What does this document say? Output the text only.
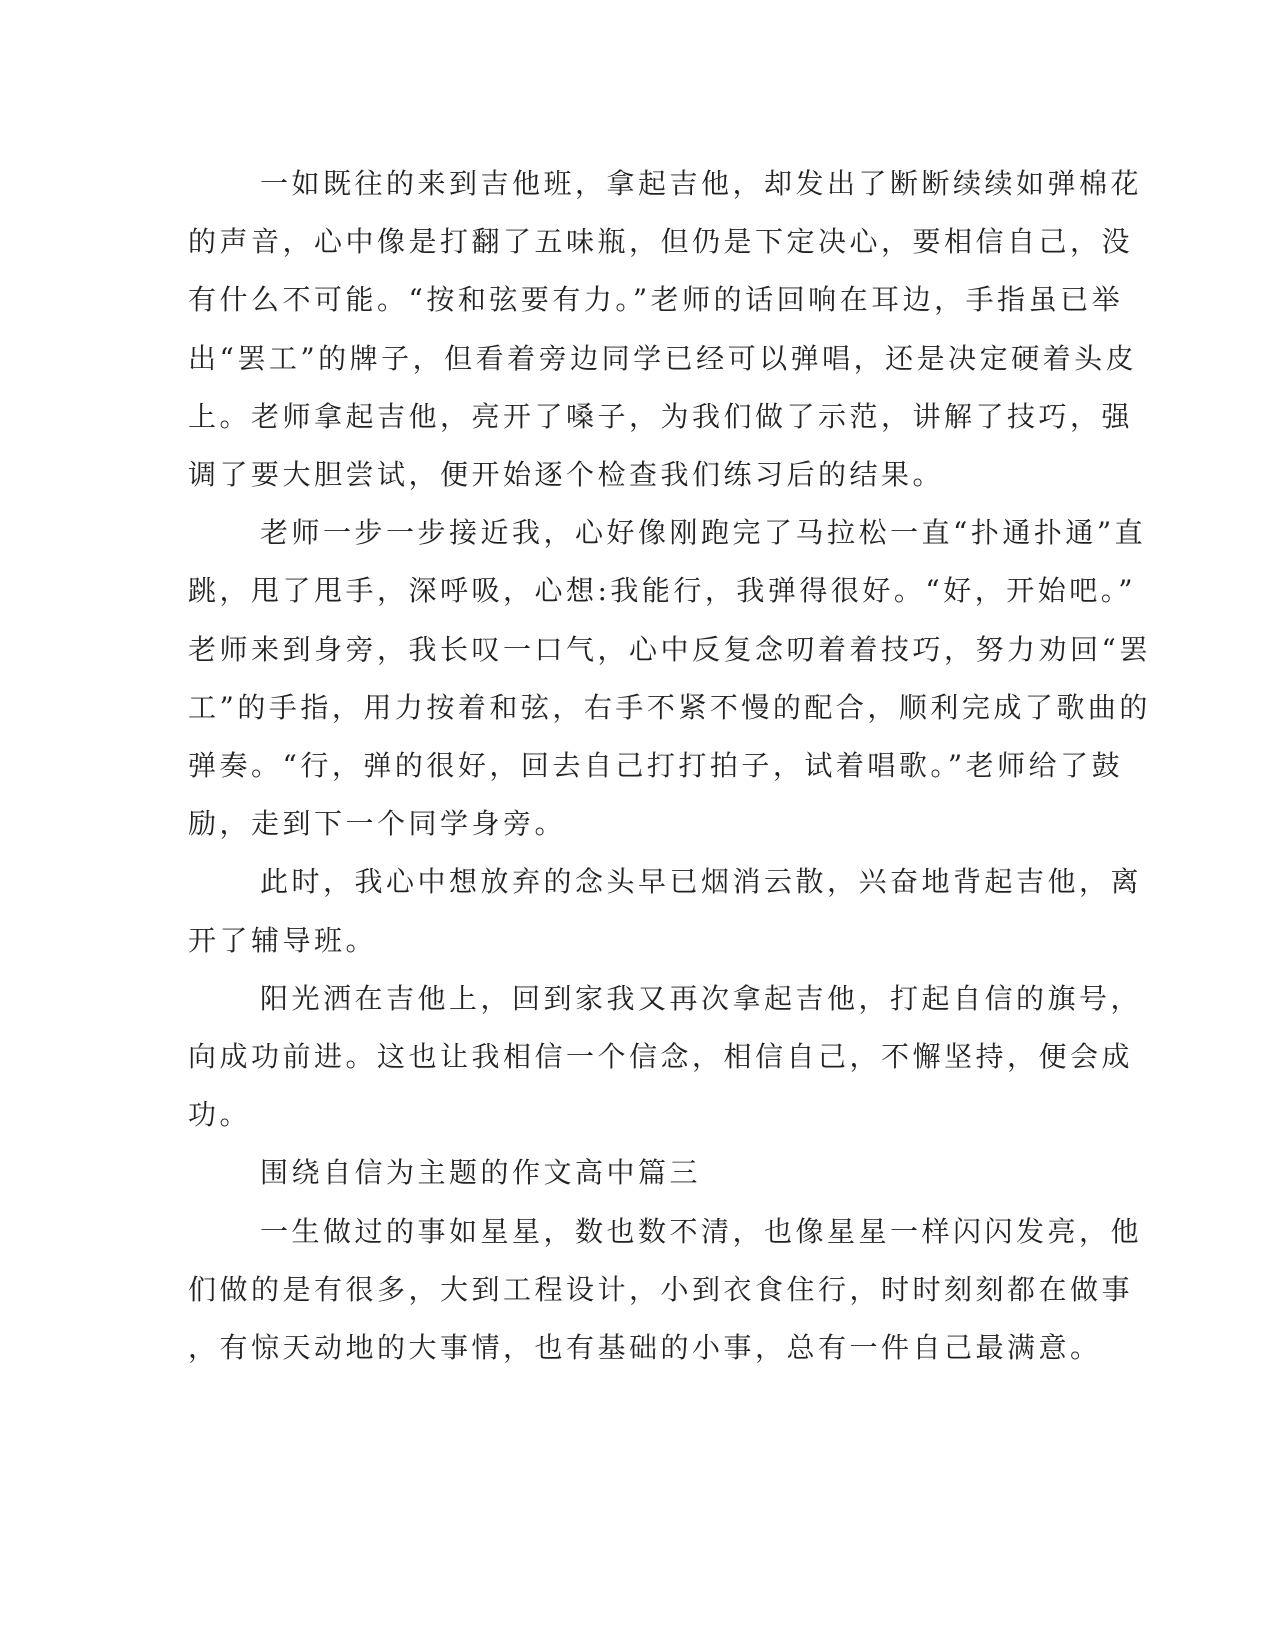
一如既往的来到吉他班，拿起吉他，却发出了断断续续如弹棉花
的声音，心中像是打翻了五味瓶，但仍是下定决心，要相信自己，没
有什么不可能。“按和弦要有力。”老师的话回响在耳边，手指虽已举
出“罢工”的牌子，但看着旁边同学已经可以弹唱，还是决定硬着头皮
上。老师拿起吉他，亮开了嗓子，为我们做了示范，讲解了技巧，强
调了要大胆尝试，便开始逐个检查我们练习后的结果。
老师一步一步接近我，心好像刚跑完了马拉松一直“扑通扑通”直
跳，甩了甩手，深呼吸，心想:我能行，我弹得很好。“好，开始吧。”
老师来到身旁，我长叹一口气，心中反复念叨着着技巧，努力劝回“罢
工”的手指，用力按着和弦，右手不紧不慢的配合，顺利完成了歌曲的
弹奏。“行，弹的很好，回去自己打打拍子，试着唱歌。”老师给了鼓
励，走到下一个同学身旁。
此时，我心中想放弃的念头早已烟消云散，兴奋地背起吉他，离
开了辅导班。
阳光洒在吉他上，回到家我又再次拿起吉他，打起自信的旗号，
向成功前进。这也让我相信一个信念，相信自己，不懈坚持，便会成
功。
围绕自信为主题的作文高中篇三
一生做过的事如星星，数也数不清，也像星星一样闪闪发亮，他
们做的是有很多，大到工程设计，小到衣食住行，时时刻刻都在做事
，有惊天动地的大事情，也有基础的小事，总有一件自己最满意。
